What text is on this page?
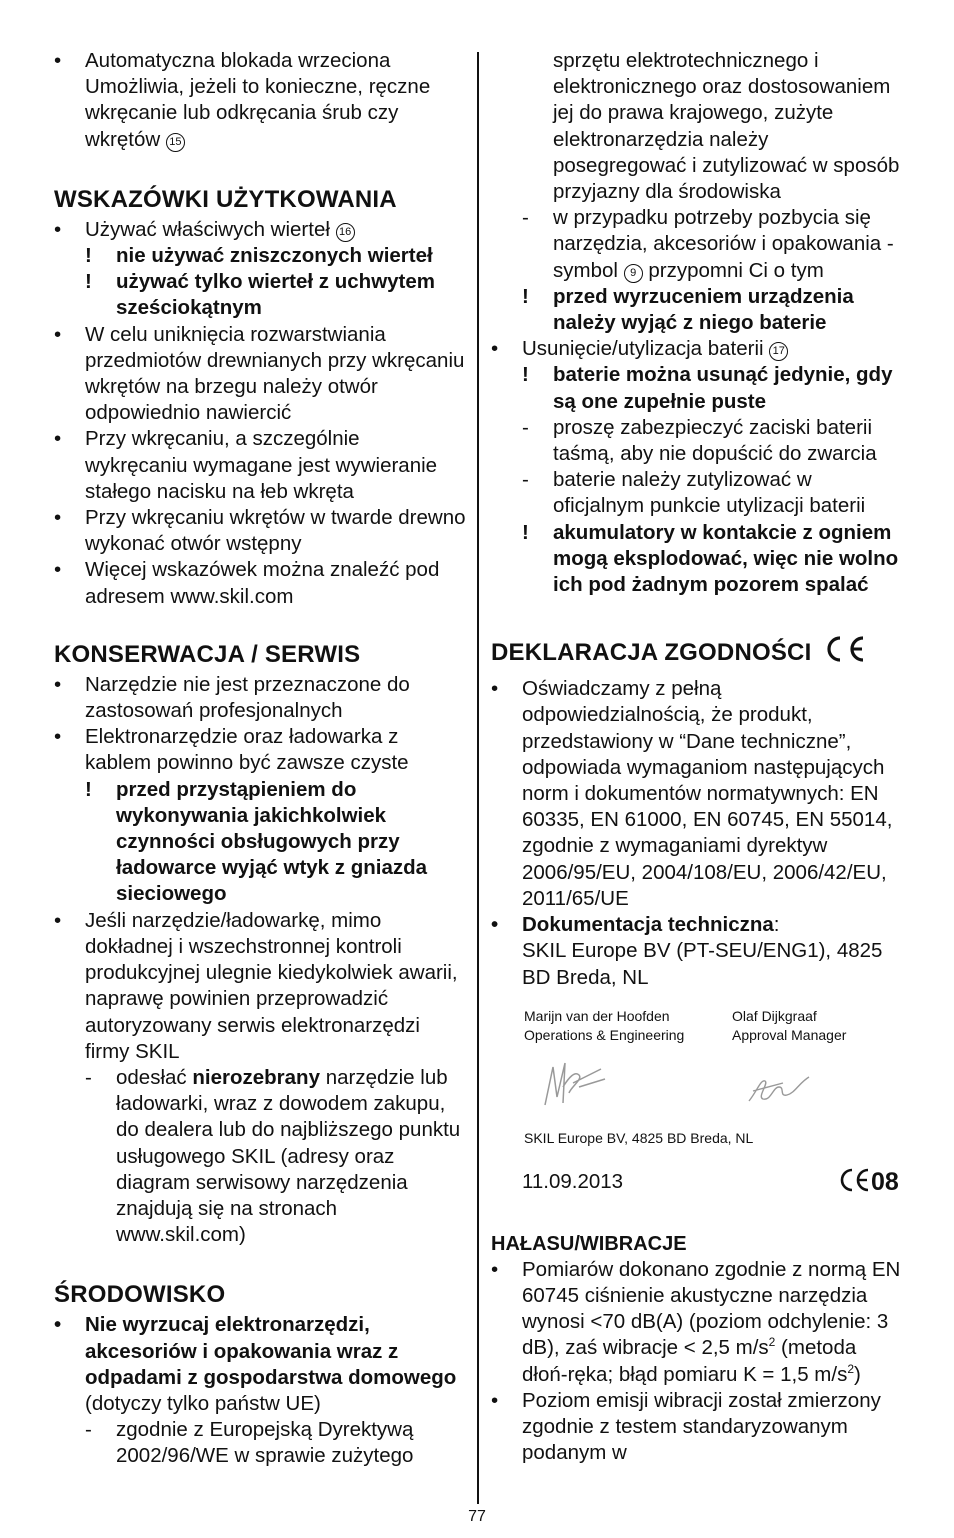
•	Automatyczna blokada wrzeciona Umożliwia, jeżeli to konieczne, ręczne wkręcanie lub odkręcania śrub czy wkrętów 15
WSKAZÓWKI UŻYTKOWANIA
•	Używać właściwych wierteł 16
!	nie używać zniszczonych wierteł
!	używać tylko wierteł z uchwytem sześciokątnym
•	W celu uniknięcia rozwarstwiania przedmiotów drewnianych przy wkręcaniu wkrętów na brzegu należy otwór odpowiednio nawiercić
•	Przy wkręcaniu, a szczególnie wykręcaniu wymagane jest wywieranie stałego nacisku na łeb wkręta
•	Przy wkręcaniu wkrętów w twarde drewno wykonać otwór wstępny
•	Więcej wskazówek można znaleźć pod adresem www.skil.com
KONSERWACJA / SERWIS
•	Narzędzie nie jest przeznaczone do zastosowań profesjonalnych
•	Elektronarzędzie oraz ładowarka z kablem powinno być zawsze czyste
!	przed przystąpieniem do wykonywania jakichkolwiek czynności obsługowych przy ładowarce wyjąć wtyk z gniazda sieciowego
•	Jeśli narzędzie/ładowarkę, mimo dokładnej i wszechstronnej kontroli produkcyjnej ulegnie kiedykolwiek awarii, naprawę powinien przeprowadzić autoryzowany serwis elektronarzędzi firmy SKIL
-	odesłać nierozebrany narzędzie lub ładowarki, wraz z dowodem zakupu, do dealera lub do najbliższego punktu usługowego SKIL (adresy oraz diagram serwisowy narzędzenia znajdują się na stronach www.skil.com)
ŚRODOWISKO
•	Nie wyrzucaj elektronarzędzi, akcesoriów i opakowania wraz z odpadami z gospodarstwa domowego (dotyczy tylko państw UE)
-	zgodnie z Europejską Dyrektywą 2002/96/WE w sprawie zużytego
sprzętu elektrotechnicznego i elektronicznego oraz dostosowaniem jej do prawa krajowego, zużyte elektronarzędzia należy posegregować i zutylizować w sposób przyjazny dla środowiska
-	w przypadku potrzeby pozbycia się narzędzia, akcesoriów i opakowania - symbol 9 przypomni Ci o tym
!	przed wyrzuceniem urządzenia należy wyjąć z niego baterie
•	Usunięcie/utylizacja baterii 17
!	baterie można usunąć jedynie, gdy są one zupełnie puste
-	proszę zabezpieczyć zaciski baterii taśmą, aby nie dopuścić do zwarcia
-	baterie należy zutylizować w oficjalnym punkcie utylizacji baterii
!	akumulatory w kontakcie z ogniem mogą eksplodować, więc nie wolno ich pod żadnym pozorem spalać
DEKLARACJA ZGODNOŚCI
•	Oświadczamy z pełną odpowiedzialnością, że produkt, przedstawiony w “Dane techniczne”, odpowiada wymaganiom następujących norm i dokumentów normatywnych: EN 60335, EN 61000, EN 60745, EN 55014, zgodnie z wymaganiami dyrektyw 2006/95/EU, 2004/108/EU, 2006/42/EU, 2011/65/UE
•	Dokumentacja techniczna:
SKIL Europe BV (PT-SEU/ENG1), 4825 BD Breda, NL
Marijn van der Hoofden
Operations & Engineering
Olaf Dijkgraaf
Approval Manager
SKIL Europe BV, 4825 BD Breda, NL
11.09.2013	08
HAŁASU/WIBRACJE
•	Pomiarów dokonano zgodnie z normą EN 60745 ciśnienie akustyczne narzędzia wynosi <70 dB(A) (poziom odchylenie: 3 dB), zaś wibracje < 2,5 $m/s^2$ (metoda dłoń-ręka; błąd pomiaru K = 1,5 $m/s^2$)
•	Poziom emisji wibracji został zmierzony zgodnie z testem standaryzowanym podanym w
77
